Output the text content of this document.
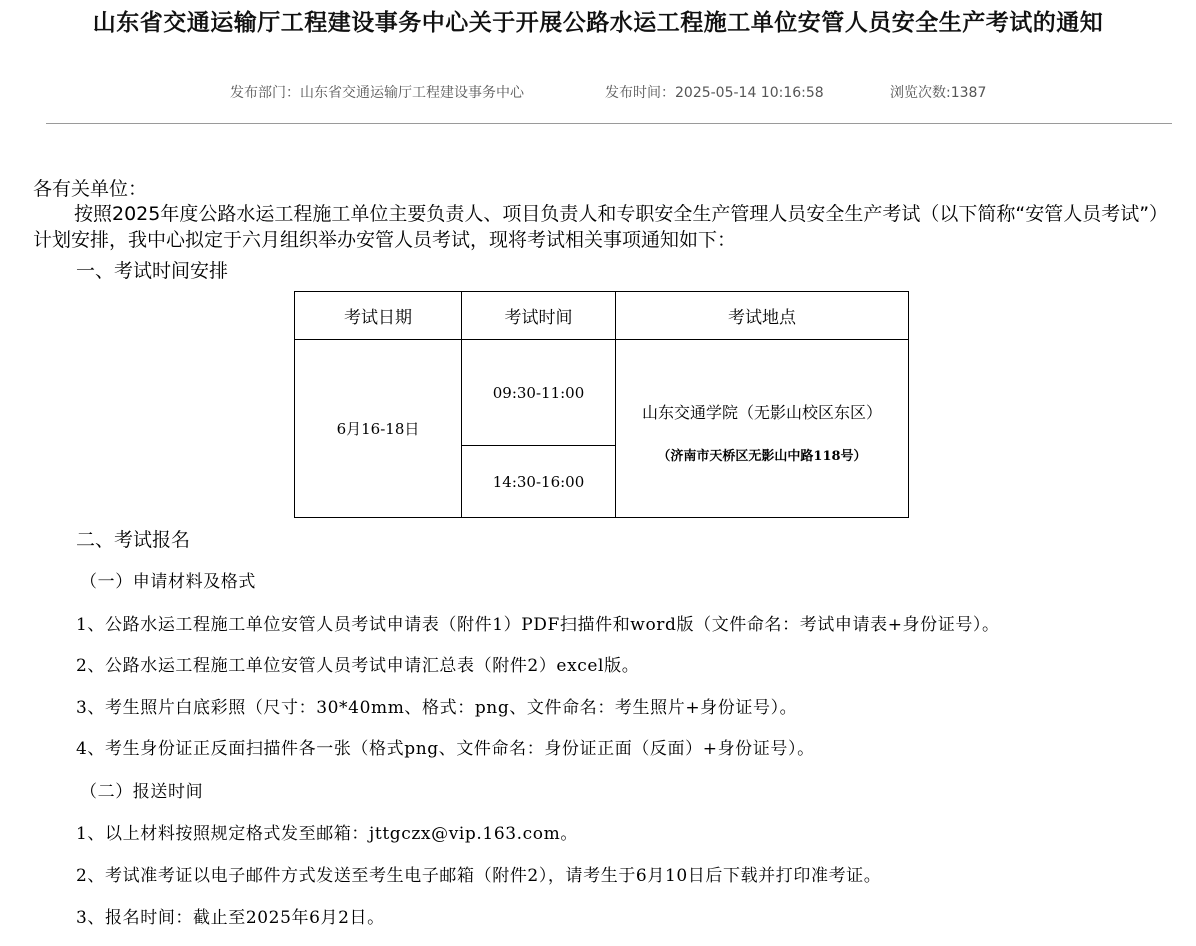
山东省交通运输厅工程建设事务中心关于开展公路水运工程施工单位安管人员安全生产考试的通知
发布部门：山东省交通运输厅工程建设事务中心	发布时间：2025-05-14 10:16:58	浏览次数:1387
各有关单位：
按照2025年度公路水运工程施工单位主要负责人、项目负责人和专职安全生产管理人员安全生产考试（以下简称“安管人员考试”）计划安排，我中心拟定于六月组织举办安管人员考试，现将考试相关事项通知如下：
一、考试时间安排
考试日期	考试时间	考试地点
6月16-18日	09:30-11:00	山东交通学院（无影山校区东区）
（济南市天桥区无影山中路118号）

	14:30-16:00	
二、考试报名
（一）申请材料及格式
1、公路水运工程施工单位安管人员考试申请表（附件1）PDF扫描件和word版（文件命名：考试申请表+身份证号）。
2、公路水运工程施工单位安管人员考试申请汇总表（附件2）excel版。
3、考生照片白底彩照（尺寸：30*40mm、格式：png、文件命名：考生照片+身份证号）。
4、考生身份证正反面扫描件各一张（格式png、文件命名：身份证正面（反面）+身份证号）。
（二）报送时间
1、以上材料按照规定格式发至邮箱：jttgczx@vip.163.com。
2、考试准考证以电子邮件方式发送至考生电子邮箱（附件2），请考生于6月10日后下载并打印准考证。
3、报名时间：截止至2025年6月2日。
